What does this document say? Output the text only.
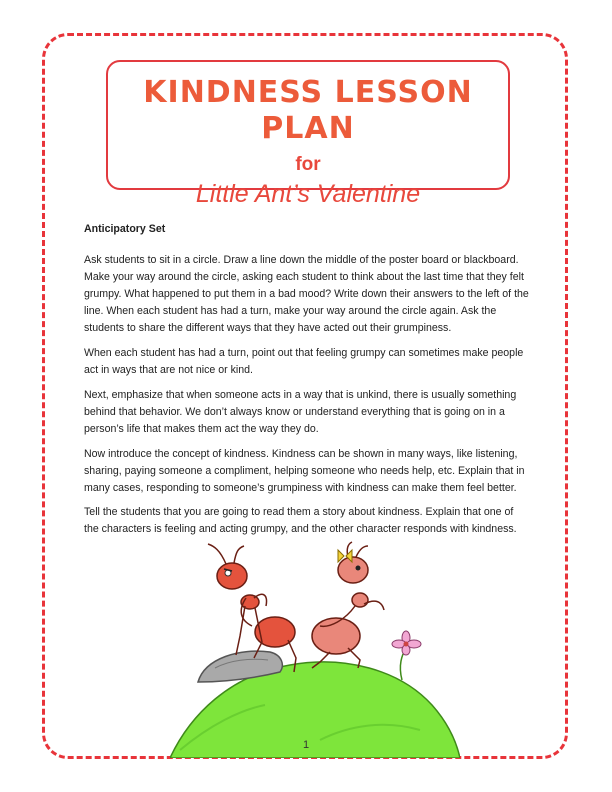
KINDNESS LESSON PLAN
for
Little Ant’s Valentine
Anticipatory Set

Ask students to sit in a circle. Draw a line down the middle of the poster board or blackboard. Make your way around the circle, asking each student to think about the last time that they felt grumpy. What happened to put them in a bad mood? Write down their answers to the left of the line. When each student has had a turn, make your way around the circle again. Ask the students to share the different ways that they have acted out their grumpiness.

When each student has had a turn, point out that feeling grumpy can sometimes make people act in ways that are not nice or kind.

Next, emphasize that when someone acts in a way that is unkind, there is usually something behind that behavior. We don’t always know or understand everything that is going on in a person’s life that makes them act the way they do.

Now introduce the concept of kindness. Kindness can be shown in many ways, like listening, sharing, paying someone a compliment, helping someone who needs help, etc. Explain that in many cases, responding to someone’s grumpiness with kindness can make them feel better.

Tell the students that you are going to read them a story about kindness. Explain that one of the characters is feeling and acting grumpy, and the other character responds with kindness.

1
